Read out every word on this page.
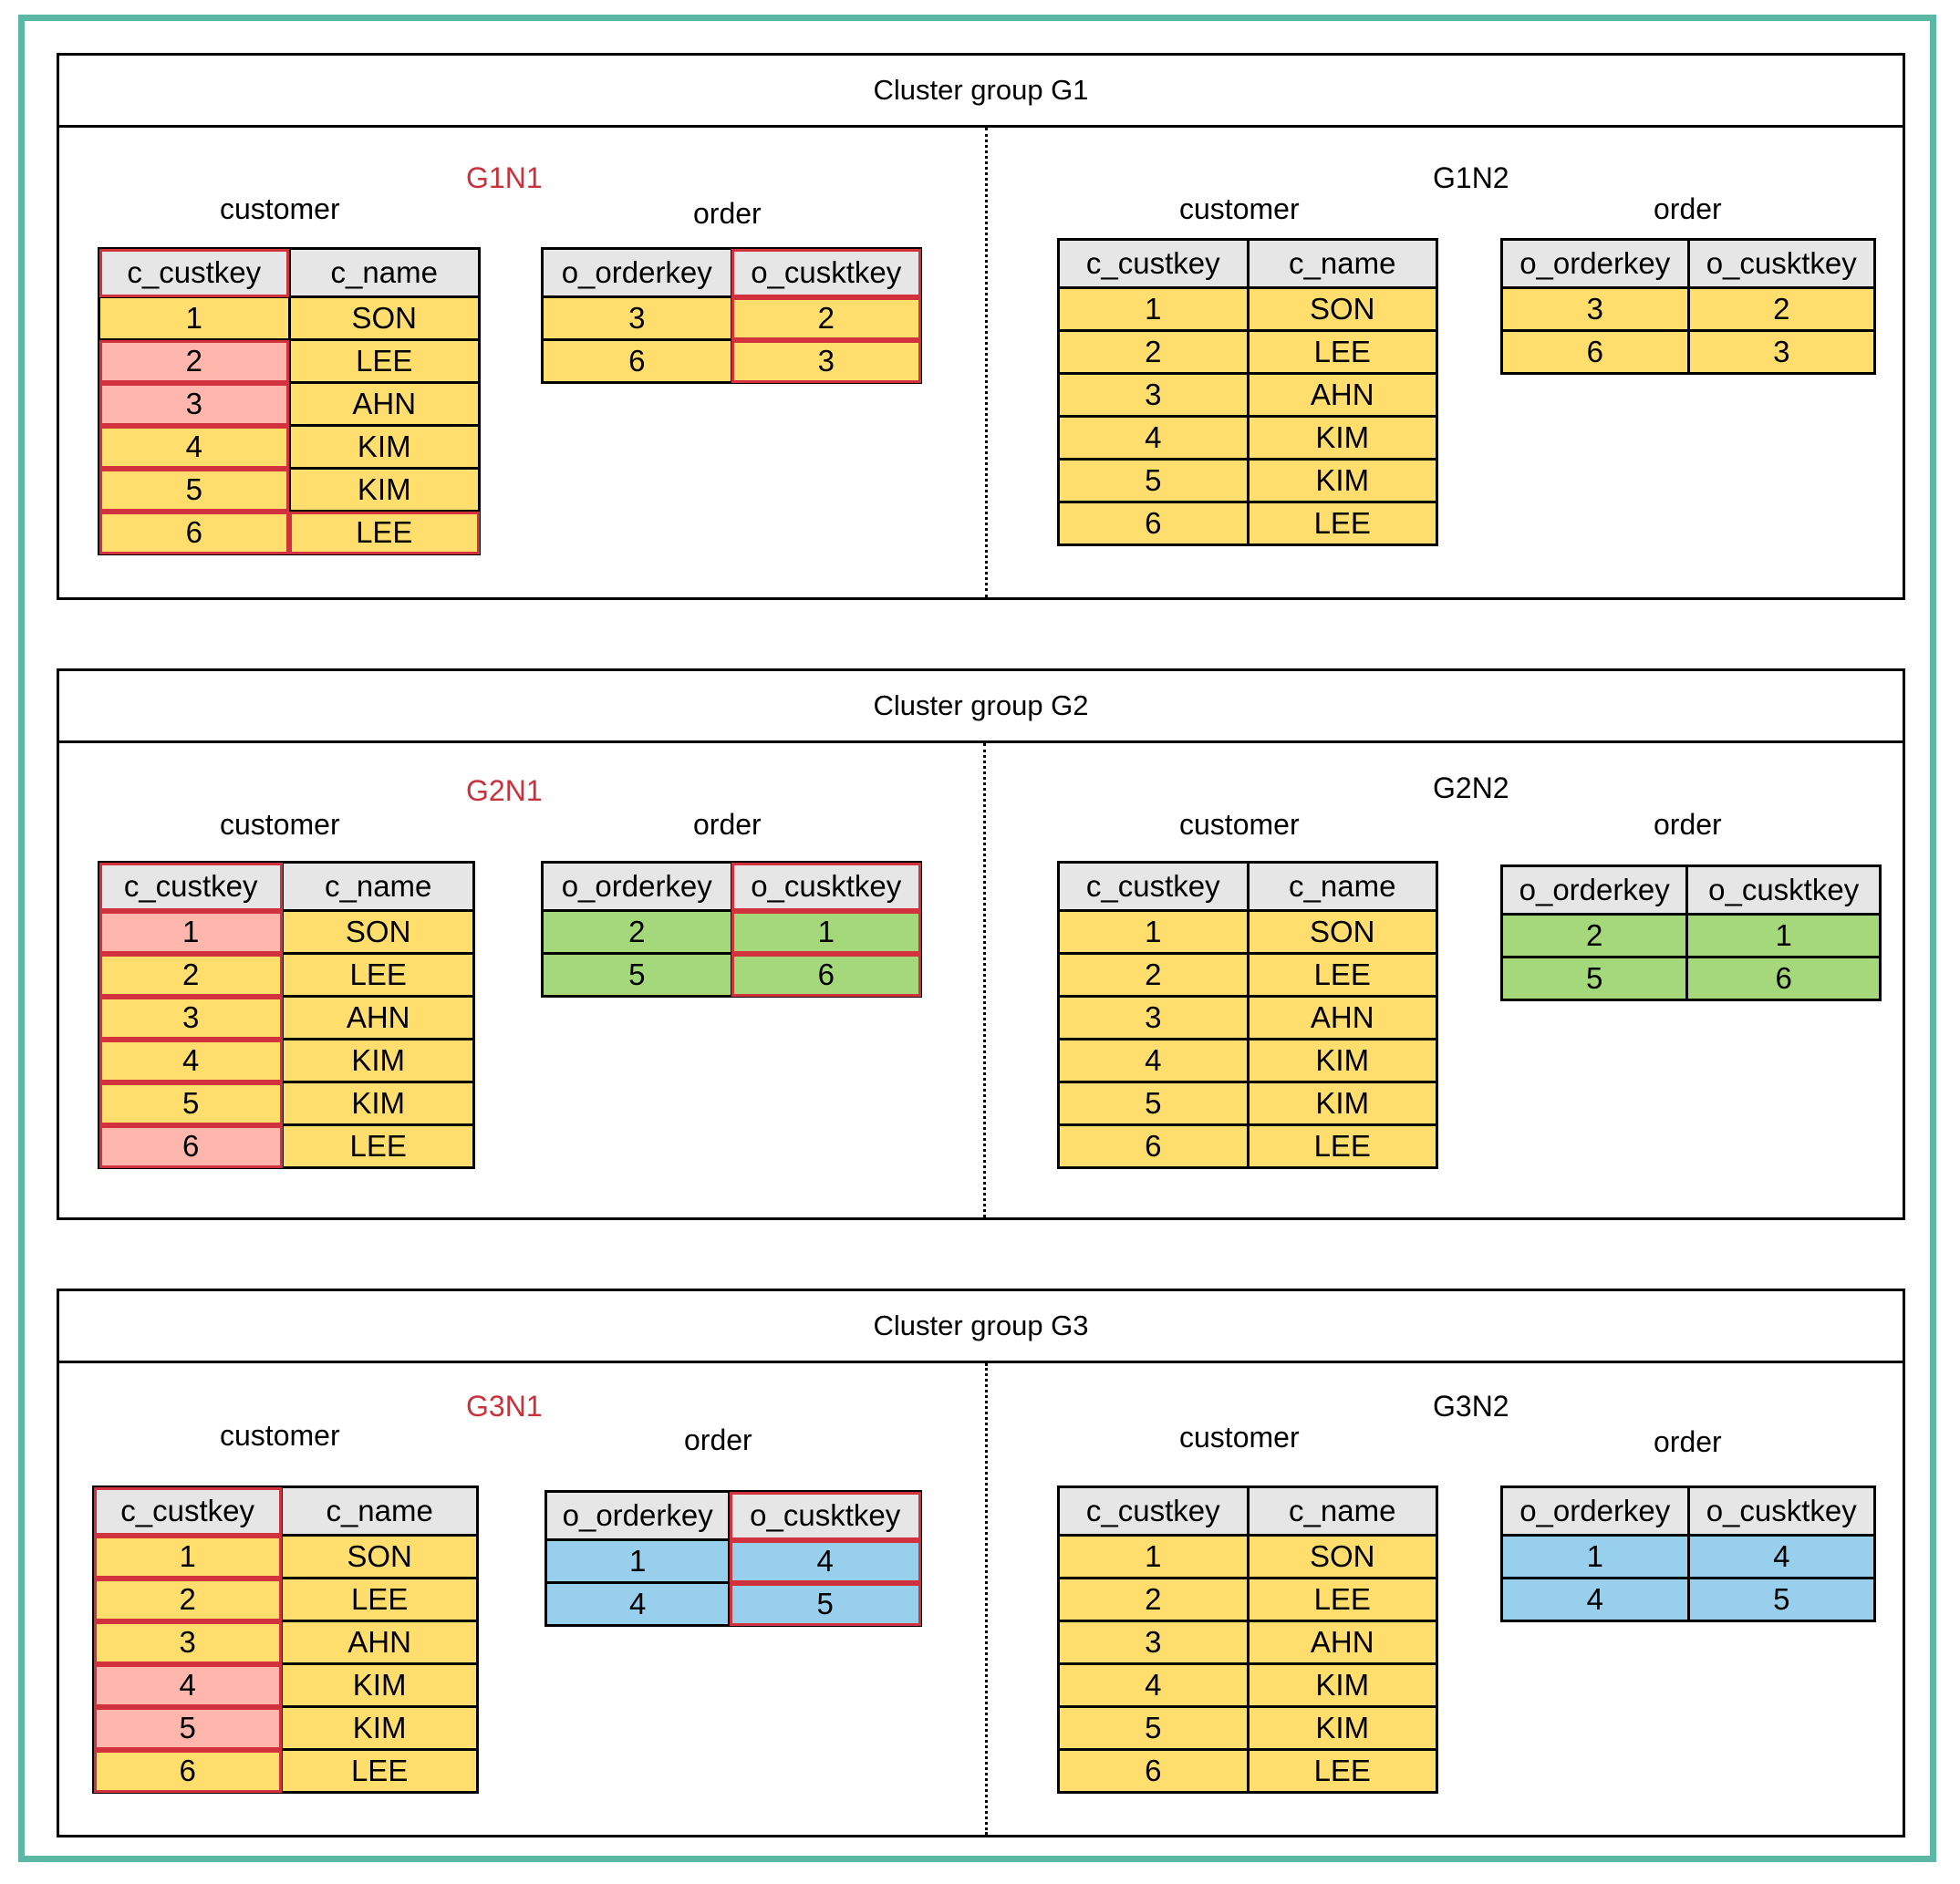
Cluster group G1
G1N1
customer	order
c_custkey	c_name
1	SON
2	LEE
3	AHN
4	KIM
5	KIM
6	LEE
o_orderkey	o_cusktkey
3	2
6	3
G1N2
customer	order
c_custkey	c_name
1	SON
2	LEE
3	AHN
4	KIM
5	KIM
6	LEE
o_orderkey	o_cusktkey
3	2
6	3
Cluster group G2
G2N1
customer	order
c_custkey	c_name
1	SON
2	LEE
3	AHN
4	KIM
5	KIM
6	LEE
o_orderkey	o_cusktkey
2	1
5	6
G2N2
customer	order
c_custkey	c_name
1	SON
2	LEE
3	AHN
4	KIM
5	KIM
6	LEE
o_orderkey	o_cusktkey
2	1
5	6
Cluster group G3
G3N1
customer	order
c_custkey	c_name
1	SON
2	LEE
3	AHN
4	KIM
5	KIM
6	LEE
o_orderkey	o_cusktkey
1	4
4	5
G3N2
customer	order
c_custkey	c_name
1	SON
2	LEE
3	AHN
4	KIM
5	KIM
6	LEE
o_orderkey	o_cusktkey
1	4
4	5
